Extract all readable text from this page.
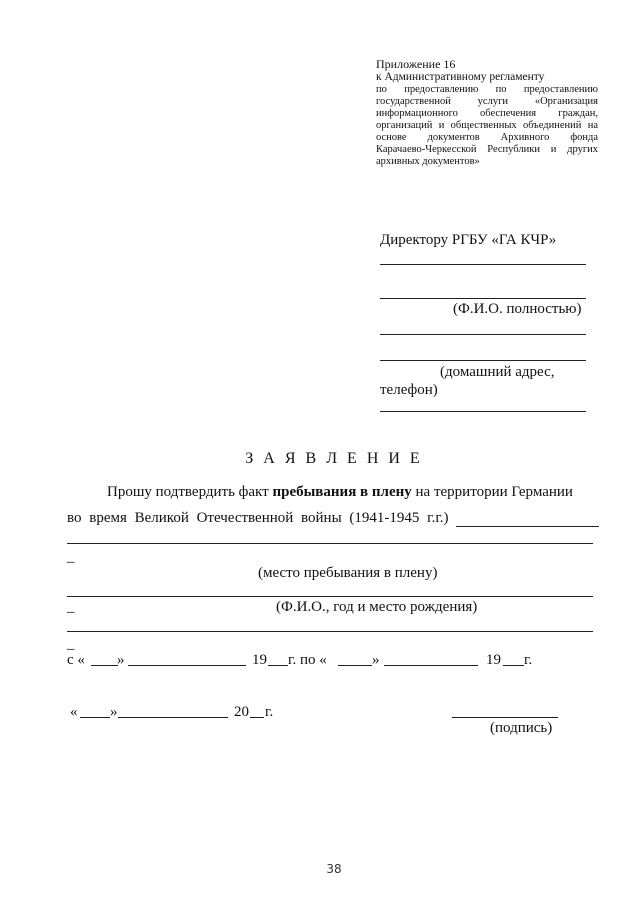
Приложение 16
к Административному регламенту
по предоставлению по предоставлению
государственной услуги «Организация
информационного обеспечения граждан,
организаций и общественных объединений на
основе документов Архивного фонда
Карачаево-Черкесской Республики и других
архивных документов»
Директору РГБУ «ГА КЧР»
(Ф.И.О. полностью)
(домашний адрес,
телефон)
З А Я В Л Е Н И Е
Прошу подтвердить факт пребывания в плену на территории Германии
во время Великой Отечественной войны (1941-1945 г.г.)
_
(место пребывания в плену)
_	(Ф.И.О., год и место рождения)
_
с « »	19 г. по «	»	19 г.
« »	20 г.
(подпись)
38
